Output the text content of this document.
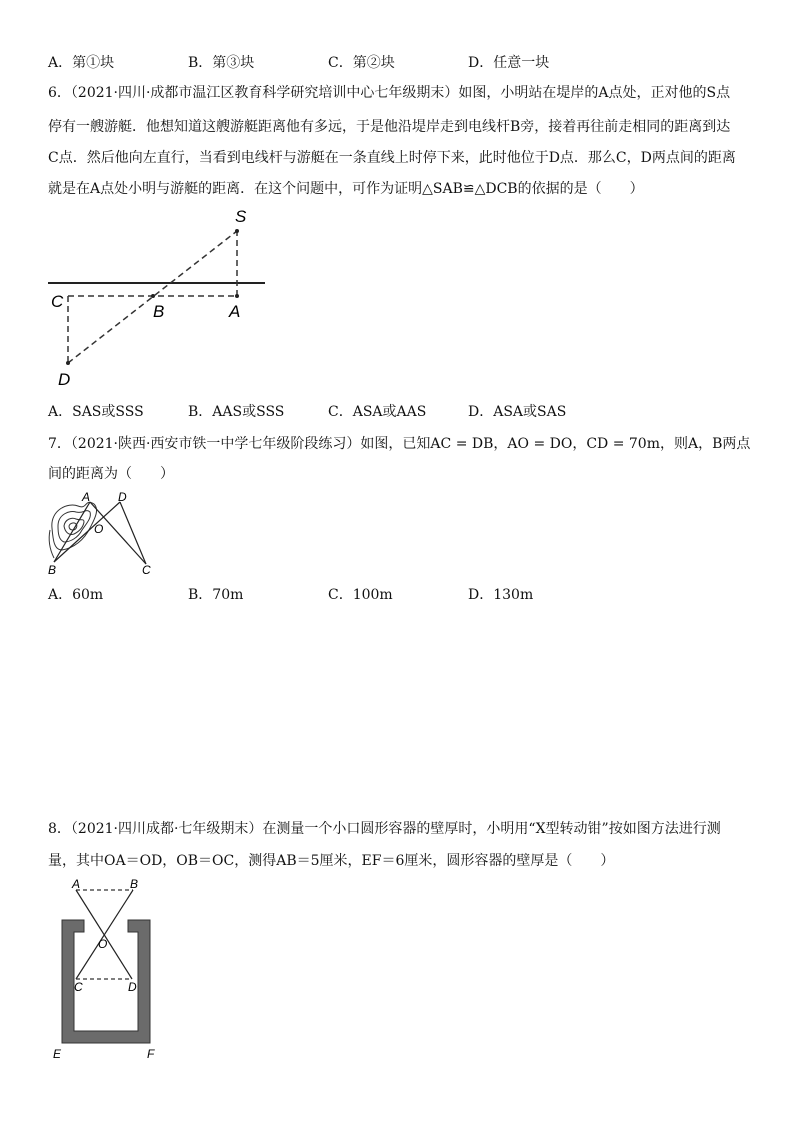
A．第①块	B．第③块	C．第②块	D．任意一块
6．（2021·四川·成都市温江区教育科学研究培训中心七年级期末）如图，小明站在堤岸的A点处，正对他的S点
停有一艘游艇．他想知道这艘游艇距离他有多远，于是他沿堤岸走到电线杆B旁，接着再往前走相同的距离到达
C点．然后他向左直行，当看到电线杆与游艇在一条直线上时停下来，此时他位于D点．那么C，D两点间的距离
就是在A点处小明与游艇的距离．在这个问题中，可作为证明△SAB≌△DCB的依据的是（　　）
S
C
B	A
D
A．SAS或SSS	B．AAS或SSS	C．ASA或AAS	D．ASA或SAS
7．（2021·陕西·西安市铁一中学七年级阶段练习）如图，已知AC = DB，AO = DO，CD = 70m，则A，B两点
间的距离为（　　）
A D
O
B	C
A．60m	B．70m	C．100m	D．130m
8．（2021·四川成都·七年级期末）在测量一个小口圆形容器的壁厚时，小明用“X型转动钳”按如图方法进行测
量，其中OA＝OD，OB＝OC，测得AB＝5厘米，EF＝6厘米，圆形容器的壁厚是（　　）
A	B
O
C	D
E	F
